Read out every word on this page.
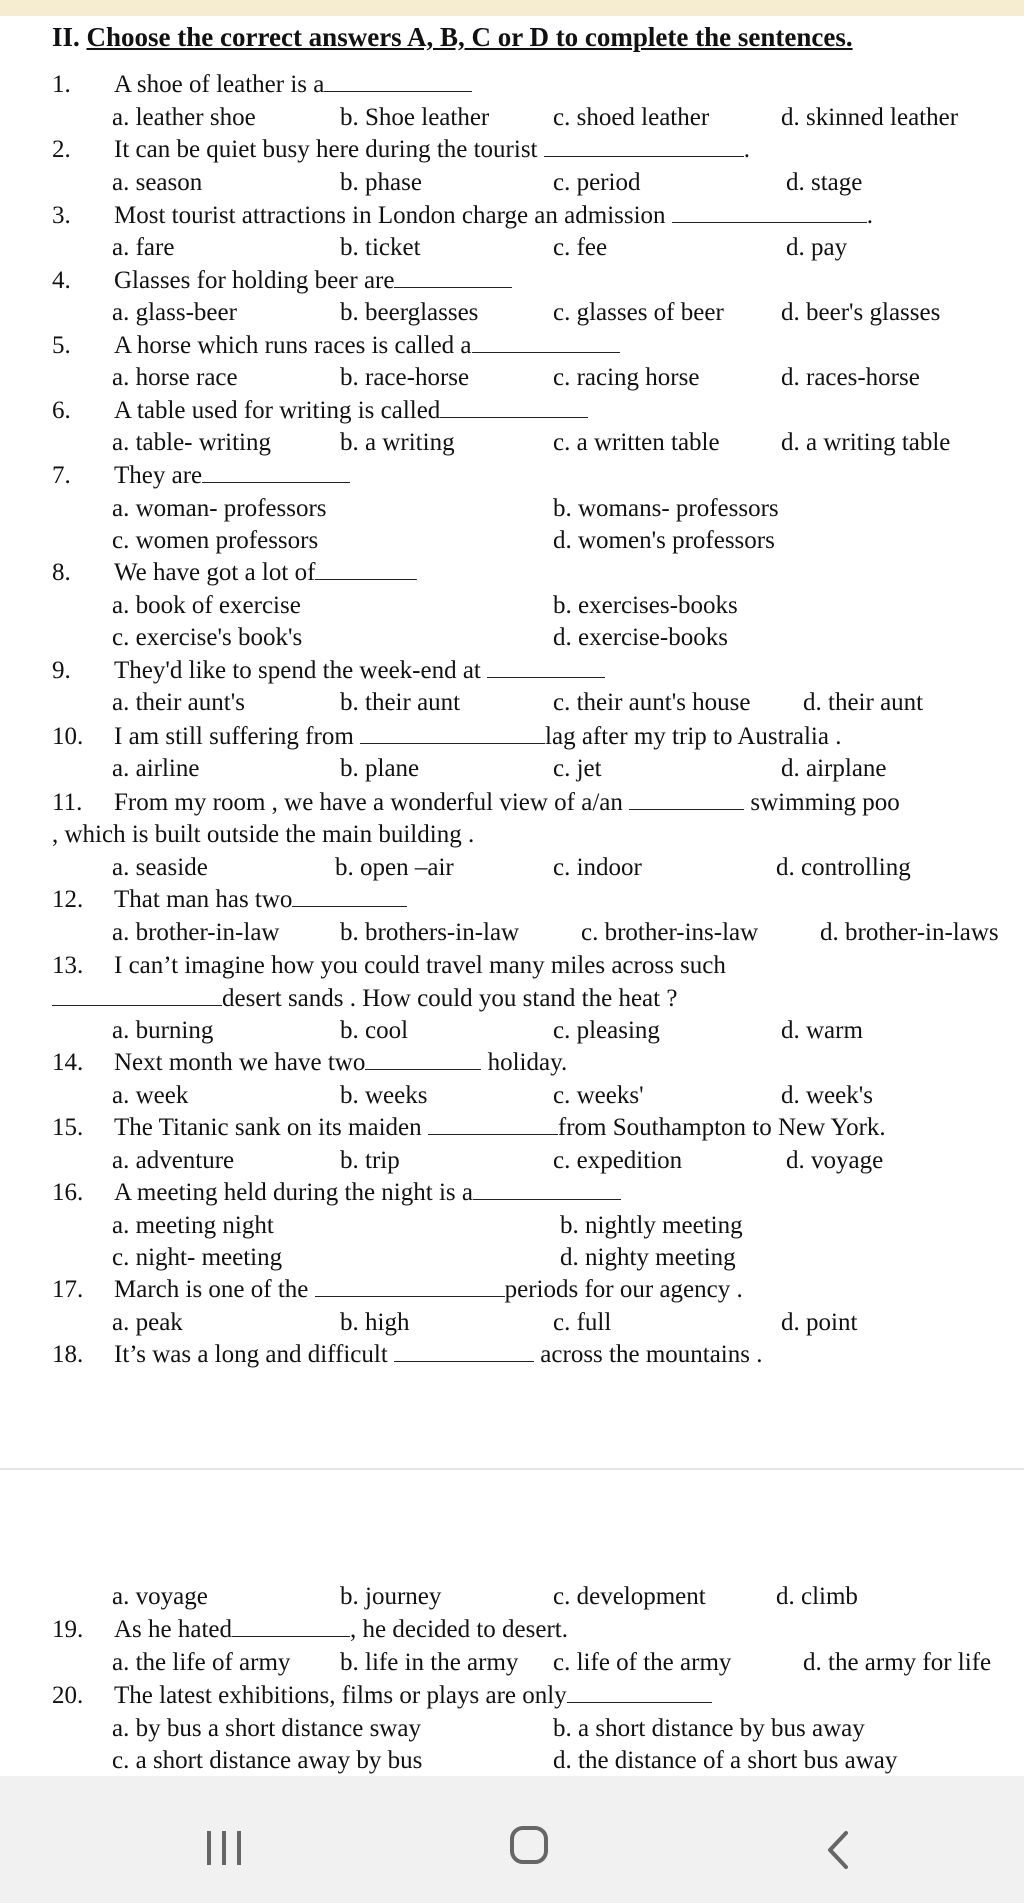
II. Choose the correct answers A, B, C or D to complete the sentences.
1. A shoe of leather is a
a. leather shoe	b. Shoe leather	c. shoed leather	d. skinned leather
2. It can be quiet busy here during the tourist	.
a. season	b. phase	c. period	d. stage
3. Most tourist attractions in London charge an admission	.
a. fare	b. ticket	c. fee	d. pay
4. Glasses for holding beer are
a. glass-beer	b. beerglasses	c. glasses of beer d. beer's glasses
5. A horse which runs races is called a
a. horse race	b. race-horse	c. racing horse	d. races-horse
6. A table used for writing is called
a. table- writing	b. a writing	c. a written table d. a writing table
7. They are
a. woman- professors	b. womans- professors
c. women professors	d. women's professors
8. We have got a lot of
a. book of exercise	b. exercises-books
c. exercise's book's	d. exercise-books
9. They'd like to spend the week-end at
a. their aunt's	b. their aunt	c. their aunt's house d. their aunt
10. I am still suffering from	lag after my trip to Australia .
a. airline	b. plane	c. jet	d. airplane
11. From my room , we have a wonderful view of a/an	swimming poo
, which is built outside the main building .
a. seaside	b. open –air	c. indoor	d. controlling
12. That man has two
a. brother-in-law b. brothers-in-law c. brother-ins-law d. brother-in-laws
13. I can’t imagine how you could travel many miles across such
desert sands . How could you stand the heat ?
a. burning	b. cool	c. pleasing	d. warm
14. Next month we have two	holiday.
a. week	b. weeks	c. weeks'	d. week's
15. The Titanic sank on its maiden	from Southampton to New York.
a. adventure	b. trip	c. expedition	d. voyage
16. A meeting held during the night is a
a. meeting night	b. nightly meeting
c. night- meeting	d. nighty meeting
17. March is one of the	periods for our agency .
a. peak	b. high	c. full	d. point
18. It’s was a long and difficult	across the mountains .
a. voyage	b. journey	c. development	d. climb
19. As he hated	, he decided to desert.
a. the life of army b. life in the army c. life of the army	d. the army for life
20. The latest exhibitions, films or plays are only
a. by bus a short distance sway	b. a short distance by bus away
c. a short distance away by bus	d. the distance of a short bus away
